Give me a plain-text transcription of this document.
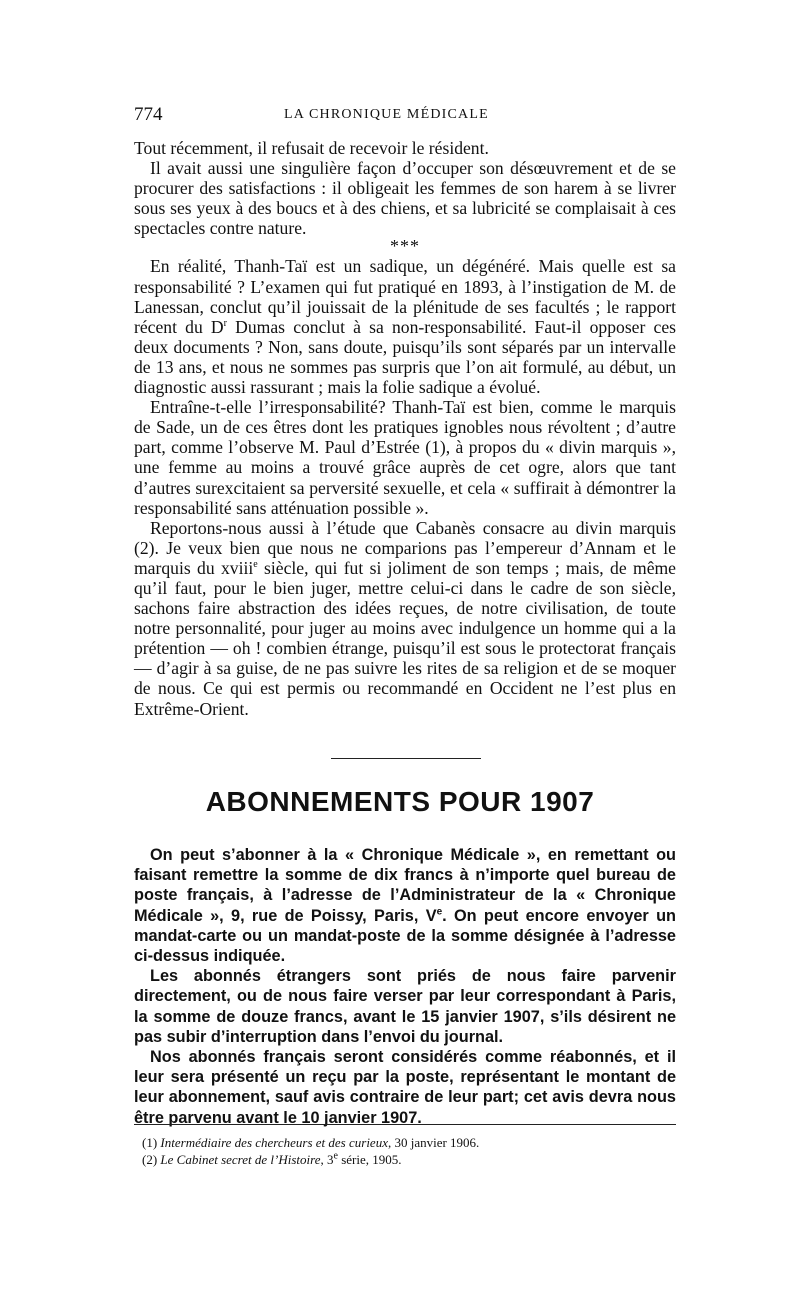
774	LA CHRONIQUE MÉDICALE

Tout récemment, il refusait de recevoir le résident.

Il avait aussi une singulière façon d’occuper son désœuvrement et de se procurer des satisfactions : il obligeait les femmes de son harem à se livrer sous ses yeux à des boucs et à des chiens, et sa lubricité se complaisait à ces spectacles contre nature.

***

En réalité, Thanh-Taï est un sadique, un dégénéré. Mais quelle est sa responsabilité ? L’examen qui fut pratiqué en 1893, à l’instigation de M. de Lanessan, conclut qu’il jouissait de la plénitude de ses facultés ; le rapport récent du $D^r$ Dumas conclut à sa non-responsabilité. Faut-il opposer ces deux documents ? Non, sans doute, puisqu’ils sont séparés par un intervalle de 13 ans, et nous ne sommes pas surpris que l’on ait formulé, au début, un diagnostic aussi rassurant ; mais la folie sadique a évolué.

Entraîne-t-elle l’irresponsabilité? Thanh-Taï est bien, comme le marquis de Sade, un de ces êtres dont les pratiques ignobles nous révoltent ; d’autre part, comme l’observe M. Paul d’Estrée (1), à propos du « divin marquis », une femme au moins a trouvé grâce auprès de cet ogre, alors que tant d’autres surexcitaient sa perversité sexuelle, et cela « suffirait à démontrer la responsabilité sans atténuation possible ».

Reportons-nous aussi à l’étude que Cabanès consacre au divin marquis (2). Je veux bien que nous ne comparions pas l’empereur d’Annam et le marquis du xviii$^e$ siècle, qui fut si joliment de son temps ; mais, de même qu’il faut, pour le bien juger, mettre celui-ci dans le cadre de son siècle, sachons faire abstraction des idées reçues, de notre civilisation, de toute notre personnalité, pour juger au moins avec indulgence un homme qui a la prétention — oh ! combien étrange, puisqu’il est sous le protectorat français — d’agir à sa guise, de ne pas suivre les rites de sa religion et de se moquer de nous. Ce qui est permis ou recommandé en Occident ne l’est plus en Extrême-Orient.

ABONNEMENTS POUR 1907

On peut s’abonner à la « Chronique Médicale », en remettant ou faisant remettre la somme de dix francs à n’importe quel bureau de poste français, à l’adresse de l’Administrateur de la « Chronique Médicale », 9, rue de Poissy, Paris, Ve. On peut encore envoyer un mandat-carte ou un mandat-poste de la somme désignée à l’adresse ci-dessus indiquée.

Les abonnés étrangers sont priés de nous faire parvenir directement, ou de nous faire verser par leur correspondant à Paris, la somme de douze francs, avant le 15 janvier 1907, s’ils désirent ne pas subir d’interruption dans l’envoi du journal.

Nos abonnés français seront considérés comme réabonnés, et il leur sera présenté un reçu par la poste, représentant le montant de leur abonnement, sauf avis contraire de leur part; cet avis devra nous être parvenu avant le 10 janvier 1907.

(1) Intermédiaire des chercheurs et des curieux, 30 janvier 1906.

(2) Le Cabinet secret de l’Histoire, 3e série, 1905.
